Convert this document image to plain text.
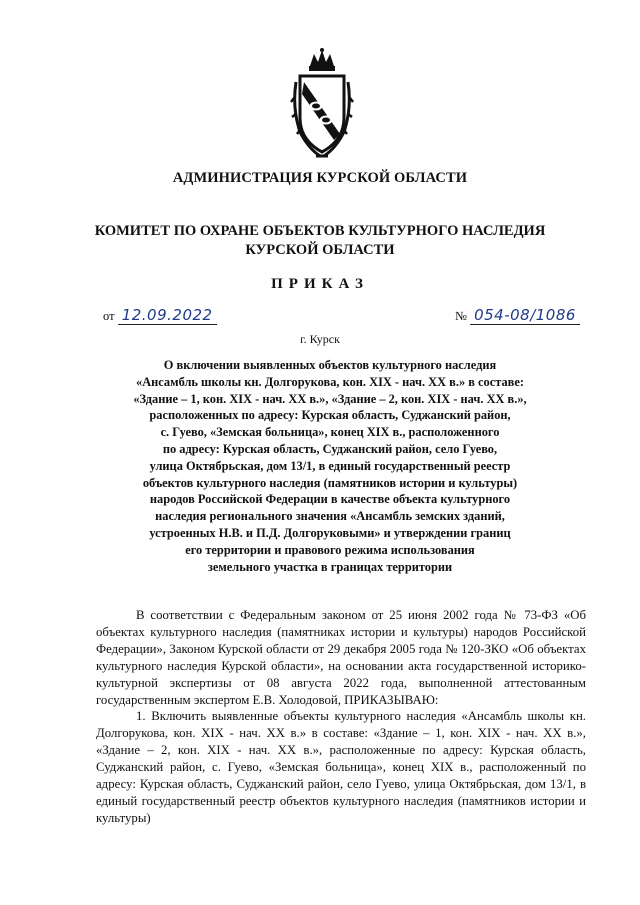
АДМИНИСТРАЦИЯ КУРСКОЙ ОБЛАСТИ
КОМИТЕТ ПО ОХРАНЕ ОБЪЕКТОВ КУЛЬТУРНОГО НАСЛЕДИЯ
КУРСКОЙ ОБЛАСТИ
ПРИКАЗ
от 12.09.2022	№ 054-08/1086
г. Курск
О включении выявленных объектов культурного наследия
«Ансамбль школы кн. Долгорукова, кон. XIX - нач. XX в.» в составе:
«Здание – 1, кон. XIX - нач. XX в.», «Здание – 2, кон. XIX - нач. XX в.»,
расположенных по адресу: Курская область, Суджанский район,
с. Гуево, «Земская больница», конец XIX в., расположенного
по адресу: Курская область, Суджанский район, село Гуево,
улица Октябрьская, дом 13/1, в единый государственный реестр
объектов культурного наследия (памятников истории и культуры)
народов Российской Федерации в качестве объекта культурного
наследия регионального значения «Ансамбль земских зданий,
устроенных Н.В. и П.Д. Долгоруковыми» и утверждении границ
его территории и правового режима использования
земельного участка в границах территории

В соответствии с Федеральным законом от 25 июня 2002 года № 73-ФЗ «Об объектах культурного наследия (памятниках истории и культуры) народов Российской Федерации», Законом Курской области от 29 декабря 2005 года № 120-ЗКО «Об объектах культурного наследия Курской области», на основании акта государственной историко-культурной экспертизы от 08 августа 2022 года, выполненной аттестованным государственным экспертом Е.В. Холодовой, ПРИКАЗЫВАЮ:

1. Включить выявленные объекты культурного наследия «Ансамбль школы кн. Долгорукова, кон. XIX - нач. XX в.» в составе: «Здание – 1, кон. XIX - нач. XX в.», «Здание – 2, кон. XIX - нач. XX в.», расположенные по адресу: Курская область, Суджанский район, с. Гуево, «Земская больница», конец XIX в., расположенный по адресу: Курская область, Суджанский район, село Гуево, улица Октябрьская, дом 13/1, в единый государственный реестр объектов культурного наследия (памятников истории и культуры)
